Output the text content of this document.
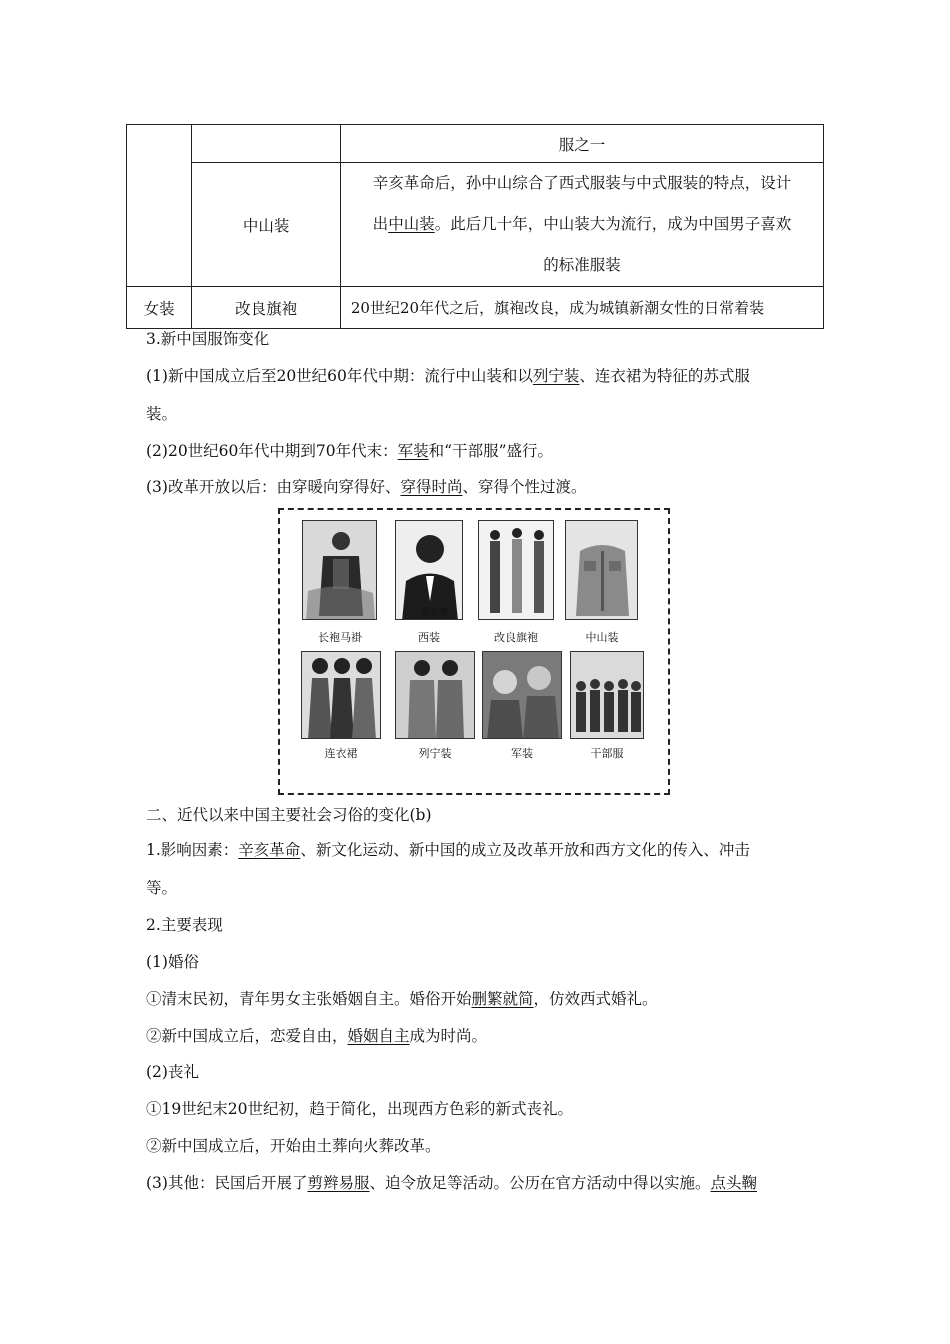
		服之一
	中山装	辛亥革命后，孙中山综合了西式服装与中式服装的特点，设计
出中山装。此后几十年，中山装大为流行，成为中国男子喜欢
的标准服装
女装	改良旗袍	20世纪20年代之后，旗袍改良，成为城镇新潮女性的日常着装
3.新中国服饰变化
(1)新中国成立后至20世纪60年代中期：流行中山装和以列宁装、连衣裙为特征的苏式服
装。
(2)20世纪60年代中期到70年代末：军装和“干部服”盛行。
(3)改革开放以后：由穿暖向穿得好、穿得时尚、穿得个性过渡。
徐志摩
长袍马褂	西装	改良旗袍	中山装
连衣裙	列宁装	军装	干部服
二、近代以来中国主要社会习俗的变化(b)
1.影响因素：辛亥革命、新文化运动、新中国的成立及改革开放和西方文化的传入、冲击
等。
2.主要表现
(1)婚俗
①清末民初，青年男女主张婚姻自主。婚俗开始删繁就简，仿效西式婚礼。
②新中国成立后，恋爱自由，婚姻自主成为时尚。
(2)丧礼
①19世纪末20世纪初，趋于简化，出现西方色彩的新式丧礼。
②新中国成立后，开始由土葬向火葬改革。
(3)其他：民国后开展了剪辫易服、迫令放足等活动。公历在官方活动中得以实施。点头鞠
